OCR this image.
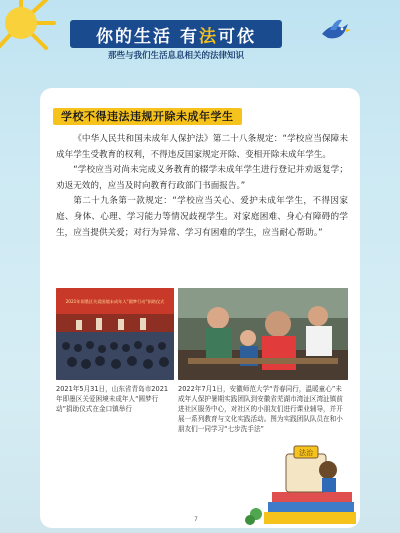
你的生活 有法可依
那些与我们生活息息相关的法律知识
学校不得违法违规开除未成年学生

《中华人民共和国未成年人保护法》第二十八条规定：“学校应当保障未成年学生受教育的权利，不得违反国家规定开除、变相开除未成年学生。

“学校应当对尚未完成义务教育的辍学未成年学生进行登记并劝返复学；劝返无效的，应当及时向教育行政部门书面报告。”

第二十九条第一款规定：“学校应当关心、爱护未成年学生，不得因家庭、身体、心理、学习能力等情况歧视学生。对家庭困难、身心有障碍的学生，应当提供关爱；对行为异常、学习有困难的学生，应当耐心帮助。”

2021年即墨区关爱困境未成年人“圆梦行动”捐助仪式
2021年5月31日，山东省青岛市2021年即墨区关爱困境未成年人“圆梦行动”捐助仪式在金口镇举行
2022年7月1日，安徽师范大学“青春同行，温暖童心”未成年人保护暑期实践团队到安徽省芜湖市湾沚区湾沚镇前进社区服务中心，对社区的小朋友们进行课业辅导，并开展一系列教育与文化实践活动。图为实践团队队员在和小朋友们一同学习“七步洗手法”
法治
7
